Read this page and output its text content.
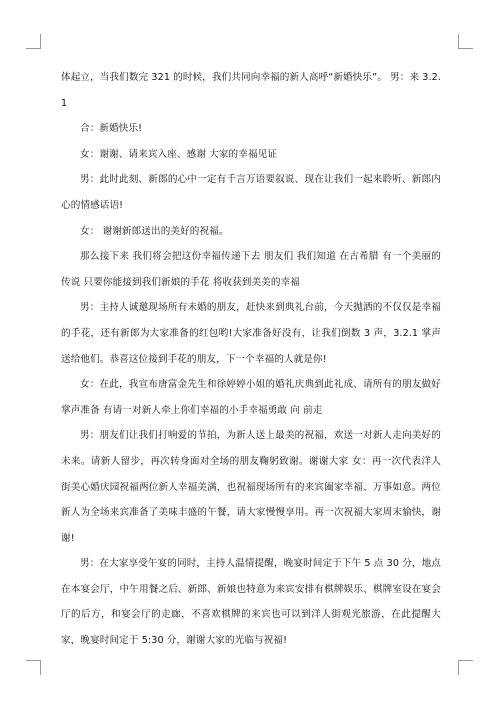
体起立，当我们数完 321 的时候，我们共同向幸福的新人高呼“新婚快乐”。 男：来 3.2.1

合：新婚快乐!

女：谢谢、请来宾入座、感谢 大家的幸福见证

男：此时此刻、新郎的心中一定有千言万语要叙说、现在让我们一起来聆听、新郎内心的情感话语!

女： 谢谢新郎送出的美好的祝福。

那么接下来 我们将会把这份幸福传递下去 朋友们 我们知道 在古希腊 有一个美丽的传说 只要你能接到我们新娘的手花 将收获到美美的幸福

男：主持人诚邀现场所有未婚的朋友，赶快来到典礼台前，今天抛洒的不仅仅是幸福的手花，还有新郎为大家准备的红包哟!大家准备好没有，让我们倒数 3 声，3.2.1 掌声送给他们。恭喜这位接到手花的朋友，下一个幸福的人就是你!

女：在此，我宣布唐富金先生和徐婷婷小姐的婚礼庆典到此礼成、请所有的朋友做好掌声准备 有请一对新人牵上你们幸福的小手幸福勇敢 向 前走

男：朋友们让我们打响爱的节拍，为新人送上最美的祝福，欢送一对新人走向美好的未来。请新人留步，再次转身面对全场的朋友鞠躬致谢。谢谢大家 女：再一次代表洋人街美心婚庆园祝福两位新人幸福美满，也祝福现场所有的来宾阖家幸福、万事如意。两位新人为全场来宾准备了美味丰盛的午餐，请大家慢慢享用。再一次祝福大家周末愉快，谢谢!

男：在大家享受午宴的同时，主持人温情提醒，晚宴时间定于下午 5 点 30 分，地点在本宴会厅，中午用餐之后、新郎、新娘也特意为来宾安排有棋牌娱乐、棋牌室设在宴会厅的后方，和宴会厅的走廊，不喜欢棋牌的来宾也可以到洋人街观光旅游，在此提醒大家，晚宴时间定于 5:30 分，谢谢大家的光临与祝福!
